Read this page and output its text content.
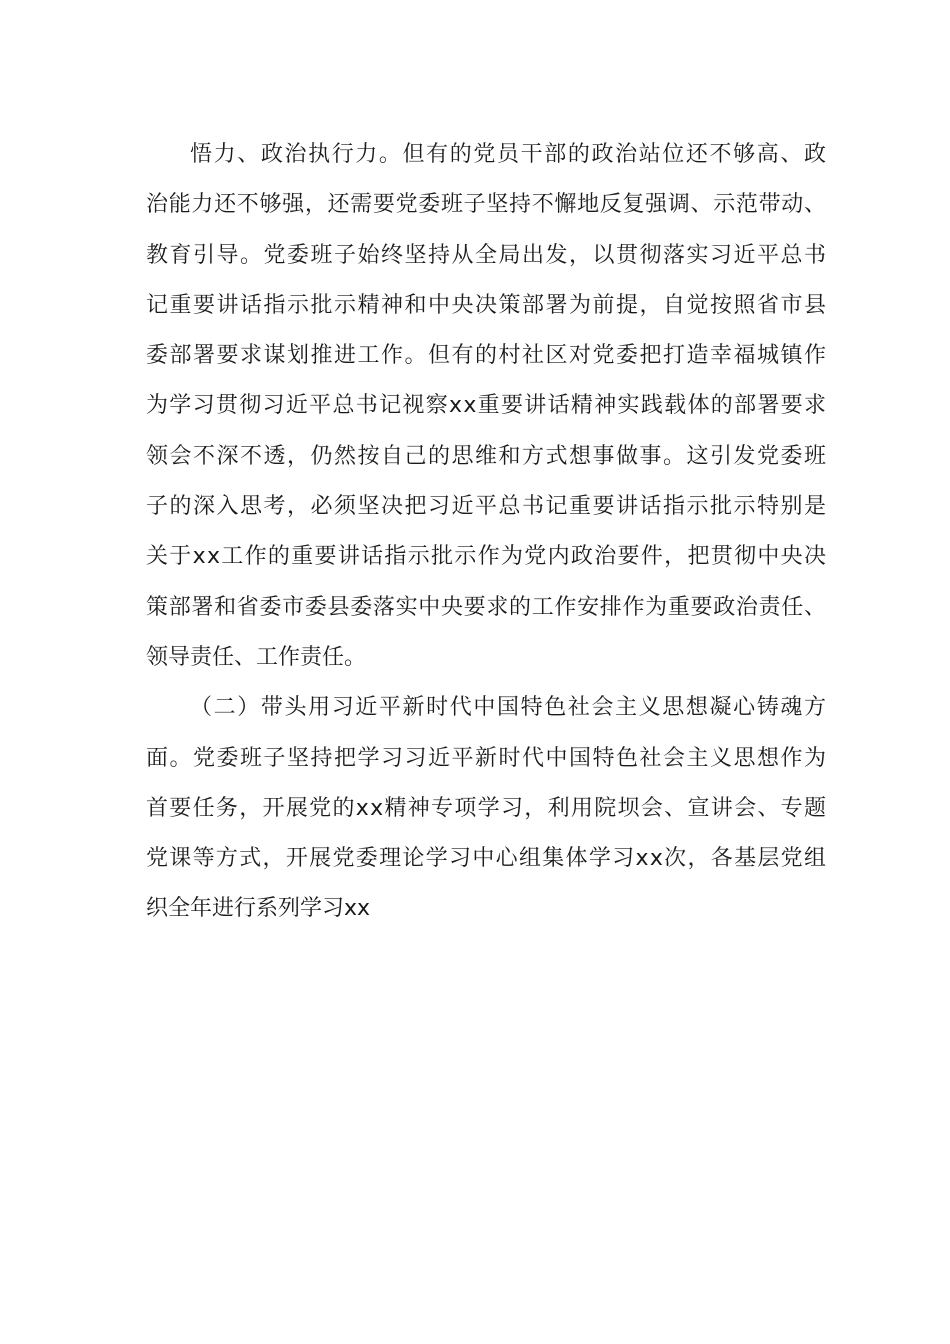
悟力、政治执行力。但有的党员干部的政治站位还不够高、政
治能力还不够强，还需要党委班子坚持不懈地反复强调、示范带动、
教育引导。党委班子始终坚持从全局出发，以贯彻落实习近平总书
记重要讲话指示批示精神和中央决策部署为前提，自觉按照省市县
委部署要求谋划推进工作。但有的村社区对党委把打造幸福城镇作
为学习贯彻习近平总书记视察xx重要讲话精神实践载体的部署要求
领会不深不透，仍然按自己的思维和方式想事做事。这引发党委班
子的深入思考，必须坚决把习近平总书记重要讲话指示批示特别是
关于xx工作的重要讲话指示批示作为党内政治要件，把贯彻中央决
策部署和省委市委县委落实中央要求的工作安排作为重要政治责任、
领导责任、工作责任。
（二）带头用习近平新时代中国特色社会主义思想凝心铸魂方
面。党委班子坚持把学习习近平新时代中国特色社会主义思想作为
首要任务，开展党的xx精神专项学习，利用院坝会、宣讲会、专题
党课等方式，开展党委理论学习中心组集体学习xx次，各基层党组
织全年进行系列学习xx
